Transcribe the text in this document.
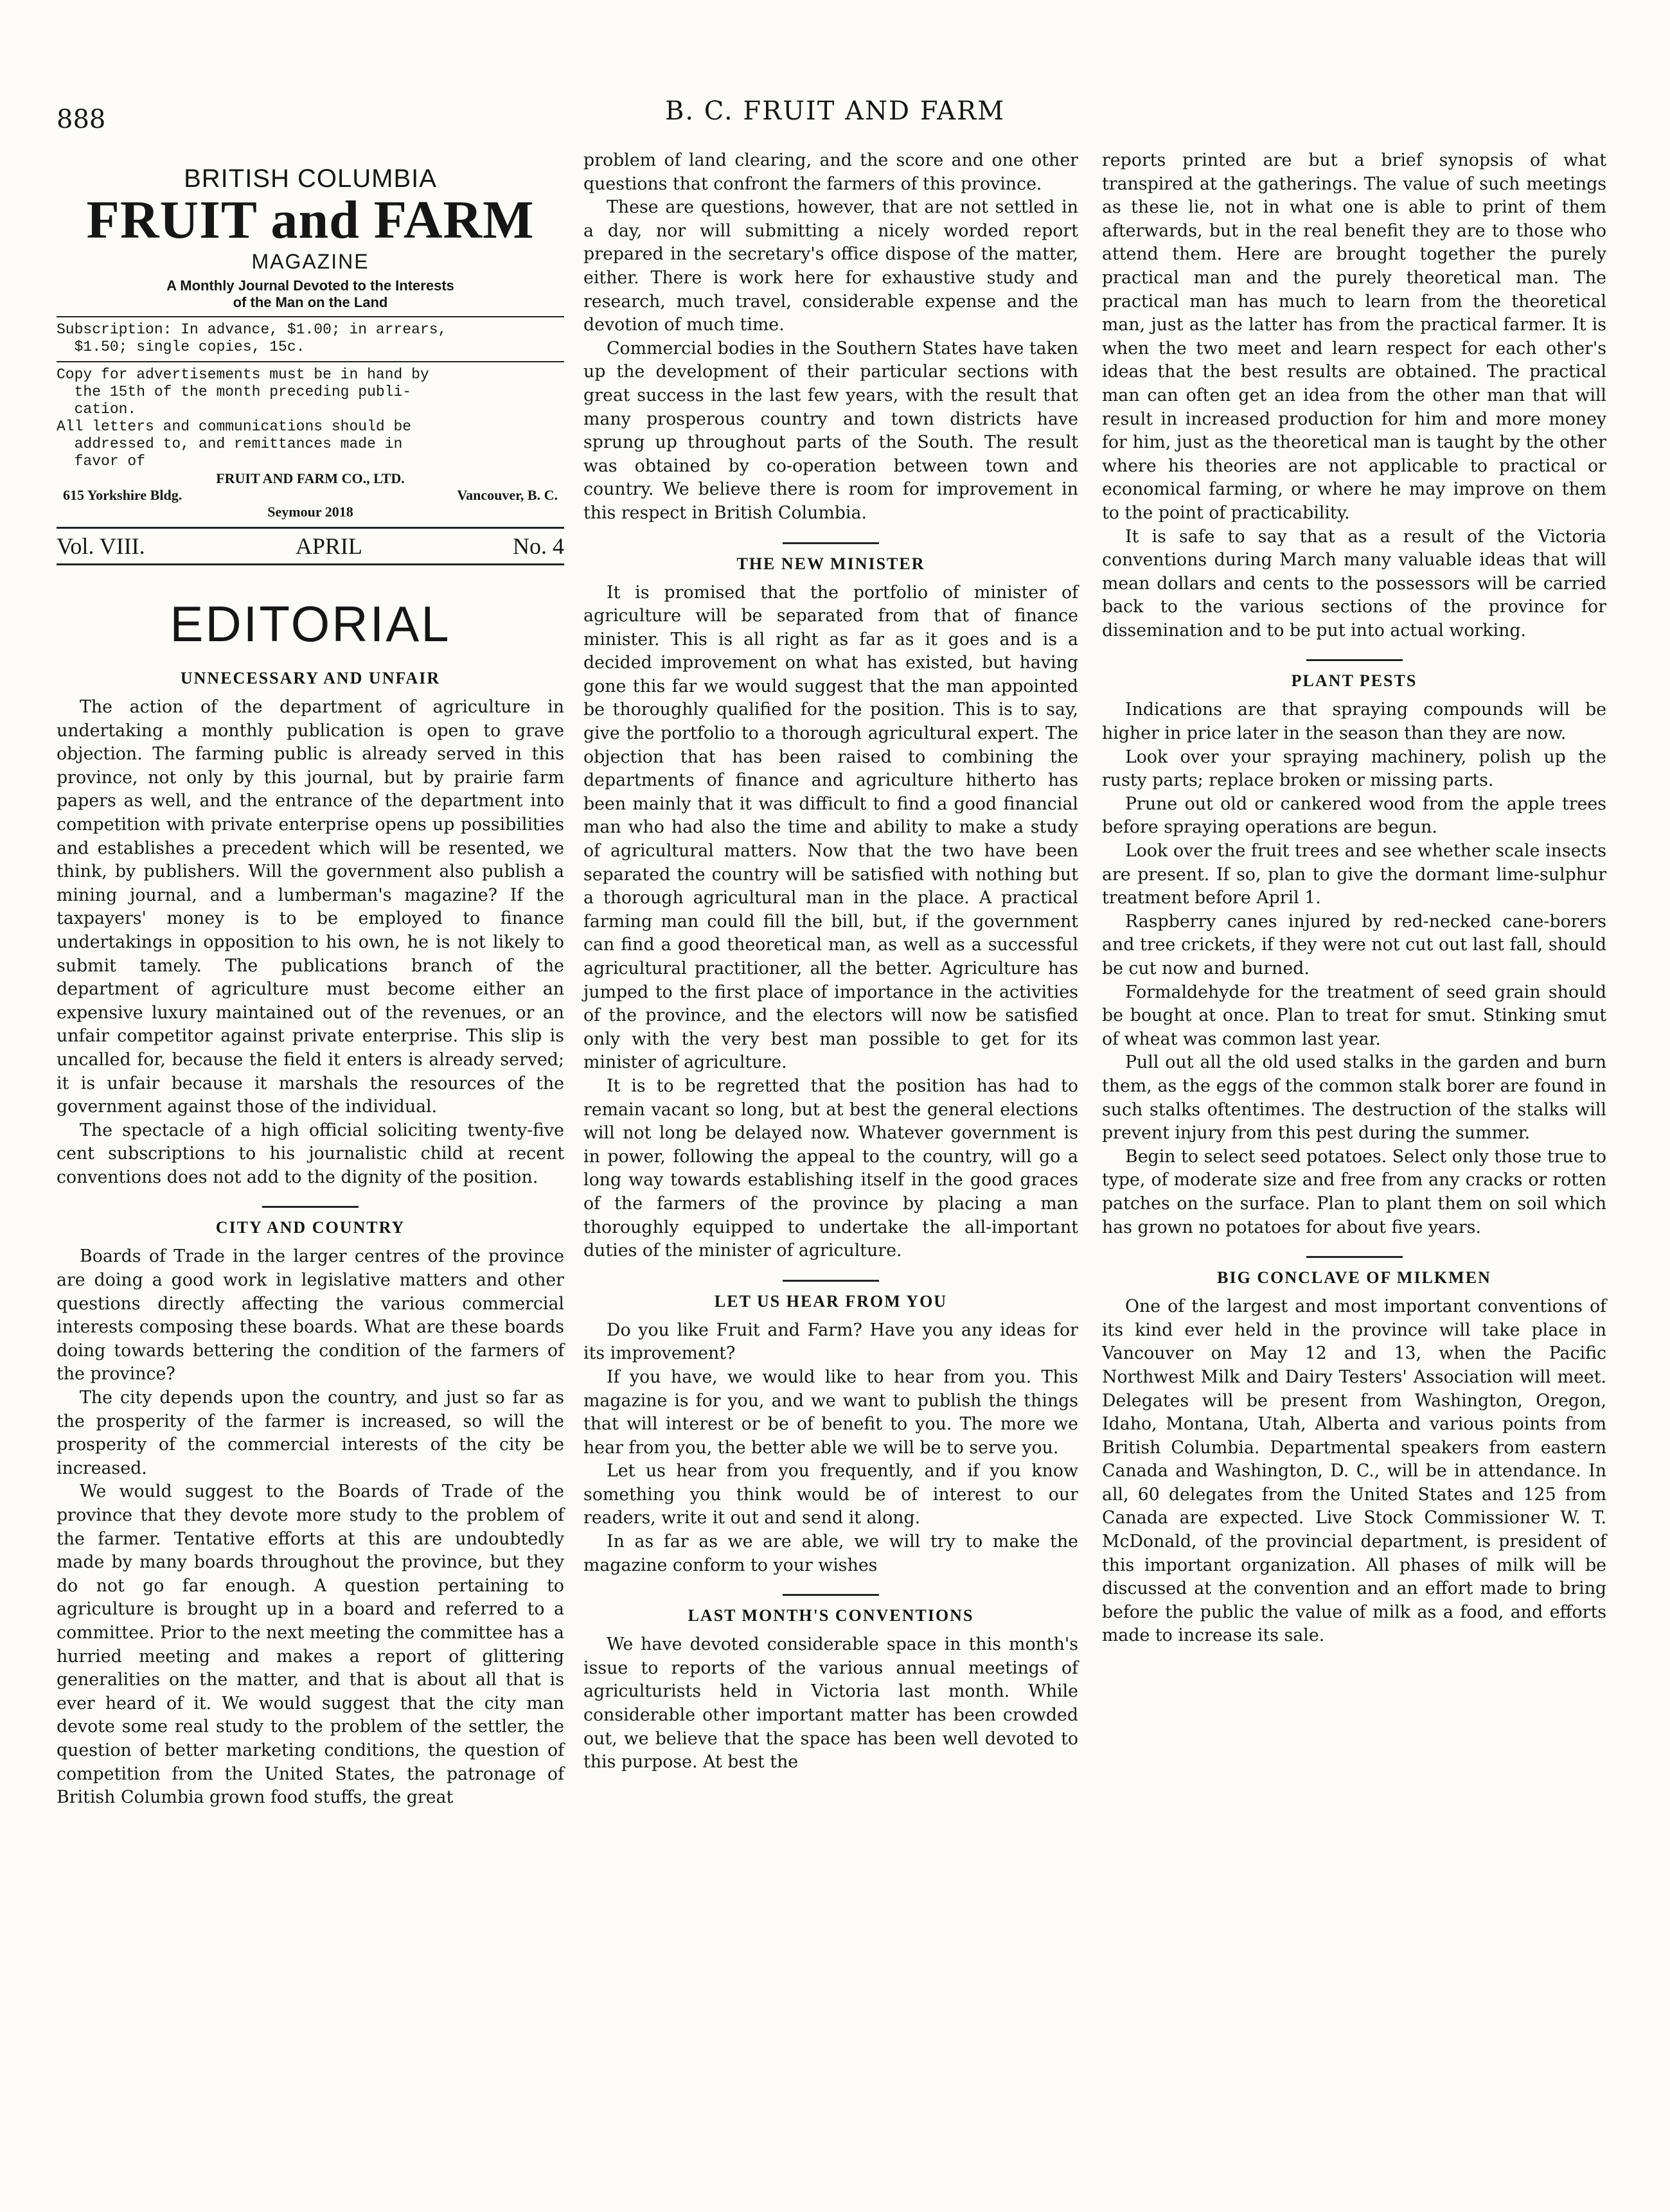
888	B. C. FRUIT AND FARM
BRITISH COLUMBIA
FRUIT and FARM
MAGAZINE
A Monthly Journal Devoted to the Interests
of the Man on the Land
Subscription: In advance, $1.00; in arrears,
$1.50; single copies, 15c.
Copy for advertisements must be in hand by
the 15th of the month preceding publi-
cation.
All letters and communications should be
addressed to, and remittances made in
favor of
FRUIT AND FARM CO., LTD.
615 Yorkshire Bldg.	Vancouver, B. C.
Seymour 2018
Vol. VIII.	APRIL	No. 4
EDITORIAL
UNNECESSARY AND UNFAIR

The action of the department of agriculture in undertaking a monthly publication is open to grave objection. The farming public is already served in this province, not only by this journal, but by prairie farm papers as well, and the entrance of the department into competition with private enterprise opens up possibilities and establishes a precedent which will be resented, we think, by publishers. Will the government also publish a mining journal, and a lumberman's magazine? If the taxpayers' money is to be employed to finance undertakings in opposition to his own, he is not likely to submit tamely. The publications branch of the department of agriculture must become either an expensive luxury maintained out of the revenues, or an unfair competitor against private enterprise. This slip is uncalled for, because the field it enters is already served; it is unfair because it marshals the resources of the government against those of the individual.

The spectacle of a high official soliciting twenty-five cent subscriptions to his journalistic child at recent conventions does not add to the dignity of the position.

CITY AND COUNTRY

Boards of Trade in the larger centres of the province are doing a good work in legislative matters and other questions directly affecting the various commercial interests composing these boards. What are these boards doing towards bettering the condition of the farmers of the province?

The city depends upon the country, and just so far as the prosperity of the farmer is increased, so will the prosperity of the commercial interests of the city be increased.

We would suggest to the Boards of Trade of the province that they devote more study to the problem of the farmer. Tentative efforts at this are undoubtedly made by many boards throughout the province, but they do not go far enough. A question pertaining to agriculture is brought up in a board and referred to a committee. Prior to the next meeting the committee has a hurried meeting and makes a report of glittering generalities on the matter, and that is about all that is ever heard of it. We would suggest that the city man devote some real study to the problem of the settler, the question of better marketing conditions, the question of competition from the United States, the patronage of British Columbia grown food stuffs, the great

problem of land clearing, and the score and one other questions that confront the farmers of this province.

These are questions, however, that are not settled in a day, nor will submitting a nicely worded report prepared in the secretary's office dispose of the matter, either. There is work here for exhaustive study and research, much travel, considerable expense and the devotion of much time.

Commercial bodies in the Southern States have taken up the development of their particular sections with great success in the last few years, with the result that many prosperous country and town districts have sprung up throughout parts of the South. The result was obtained by co-operation between town and country. We believe there is room for improvement in this respect in British Columbia.

THE NEW MINISTER

It is promised that the portfolio of minister of agriculture will be separated from that of finance minister. This is all right as far as it goes and is a decided improvement on what has existed, but having gone this far we would suggest that the man appointed be thoroughly qualified for the position. This is to say, give the portfolio to a thorough agricultural expert. The objection that has been raised to combining the departments of finance and agriculture hitherto has been mainly that it was difficult to find a good financial man who had also the time and ability to make a study of agricultural matters. Now that the two have been separated the country will be satisfied with nothing but a thorough agricultural man in the place. A practical farming man could fill the bill, but, if the government can find a good theoretical man, as well as a successful agricultural practitioner, all the better. Agriculture has jumped to the first place of importance in the activities of the province, and the electors will now be satisfied only with the very best man possible to get for its minister of agriculture.

It is to be regretted that the position has had to remain vacant so long, but at best the general elections will not long be delayed now. Whatever government is in power, following the appeal to the country, will go a long way towards establishing itself in the good graces of the farmers of the province by placing a man thoroughly equipped to undertake the all-important duties of the minister of agriculture.

LET US HEAR FROM YOU

Do you like Fruit and Farm? Have you any ideas for its improvement?

If you have, we would like to hear from you. This magazine is for you, and we want to publish the things that will interest or be of benefit to you. The more we hear from you, the better able we will be to serve you.

Let us hear from you frequently, and if you know something you think would be of interest to our readers, write it out and send it along.

In as far as we are able, we will try to make the magazine conform to your wishes

LAST MONTH'S CONVENTIONS

We have devoted considerable space in this month's issue to reports of the various annual meetings of agriculturists held in Victoria last month. While considerable other important matter has been crowded out, we believe that the space has been well devoted to this purpose. At best the

reports printed are but a brief synopsis of what transpired at the gatherings. The value of such meetings as these lie, not in what one is able to print of them afterwards, but in the real benefit they are to those who attend them. Here are brought together the purely practical man and the purely theoretical man. The practical man has much to learn from the theoretical man, just as the latter has from the practical farmer. It is when the two meet and learn respect for each other's ideas that the best results are obtained. The practical man can often get an idea from the other man that will result in increased production for him and more money for him, just as the theoretical man is taught by the other where his theories are not applicable to practical or economical farming, or where he may improve on them to the point of practicability.

It is safe to say that as a result of the Victoria conventions during March many valuable ideas that will mean dollars and cents to the possessors will be carried back to the various sections of the province for dissemination and to be put into actual working.

PLANT PESTS

Indications are that spraying compounds will be higher in price later in the season than they are now.

Look over your spraying machinery, polish up the rusty parts; replace broken or missing parts.

Prune out old or cankered wood from the apple trees before spraying operations are begun.

Look over the fruit trees and see whether scale insects are present. If so, plan to give the dormant lime-sulphur treatment before April 1.

Raspberry canes injured by red-necked cane-borers and tree crickets, if they were not cut out last fall, should be cut now and burned.

Formaldehyde for the treatment of seed grain should be bought at once. Plan to treat for smut. Stinking smut of wheat was common last year.

Pull out all the old used stalks in the garden and burn them, as the eggs of the common stalk borer are found in such stalks oftentimes. The destruction of the stalks will prevent injury from this pest during the summer.

Begin to select seed potatoes. Select only those true to type, of moderate size and free from any cracks or rotten patches on the surface. Plan to plant them on soil which has grown no potatoes for about five years.

BIG CONCLAVE OF MILKMEN

One of the largest and most important conventions of its kind ever held in the province will take place in Vancouver on May 12 and 13, when the Pacific Northwest Milk and Dairy Testers' Association will meet. Delegates will be present from Washington, Oregon, Idaho, Montana, Utah, Alberta and various points from British Columbia. Departmental speakers from eastern Canada and Washington, D. C., will be in attendance. In all, 60 delegates from the United States and 125 from Canada are expected. Live Stock Commissioner W. T. McDonald, of the provincial department, is president of this important organization. All phases of milk will be discussed at the convention and an effort made to bring before the public the value of milk as a food, and efforts made to increase its sale.
